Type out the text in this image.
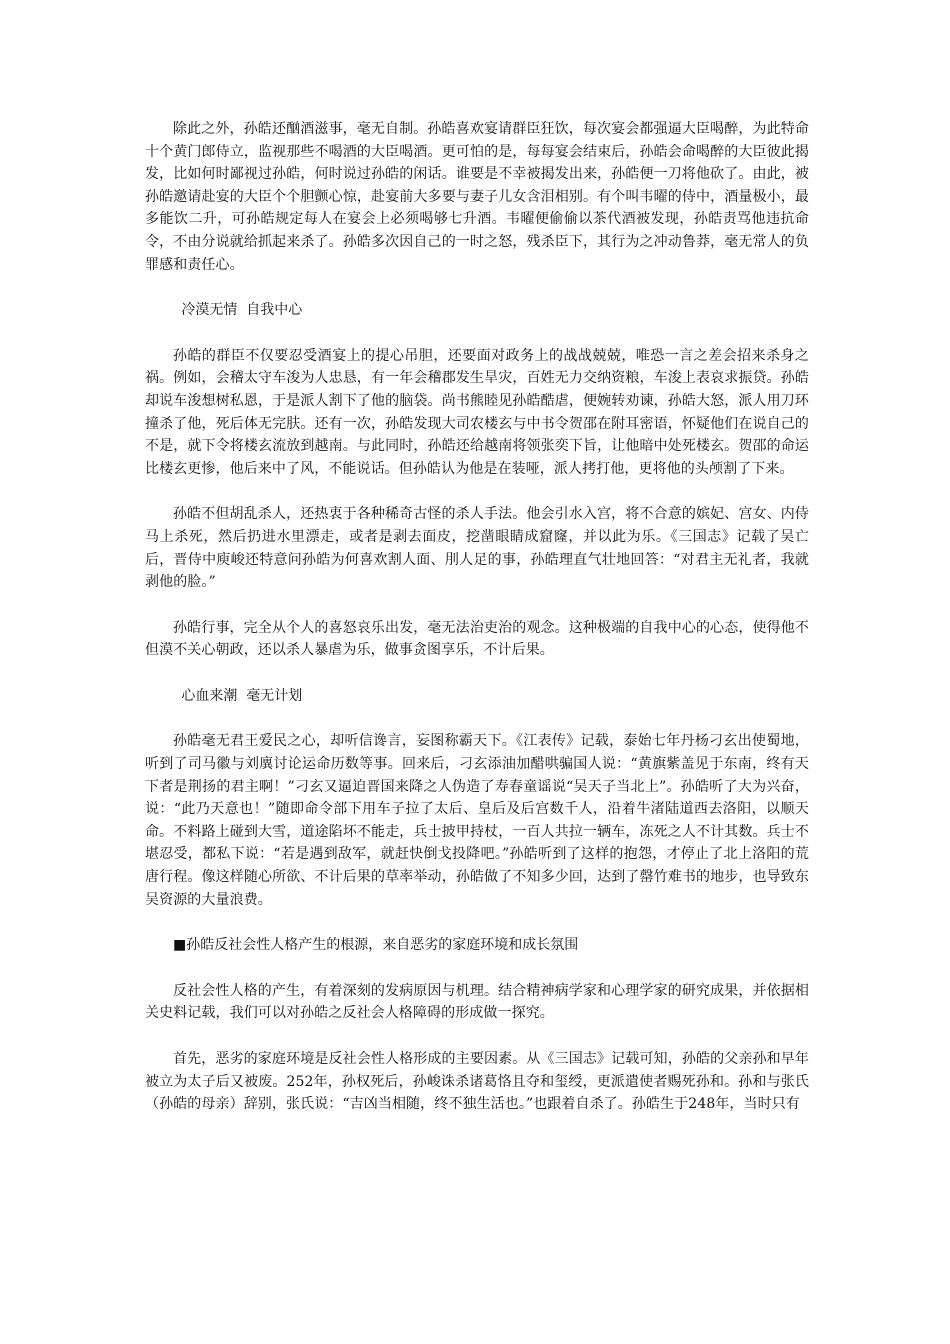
除此之外，孙皓还酗酒滋事，毫无自制。孙皓喜欢宴请群臣狂饮，每次宴会都强逼大臣喝醉，为此特命十个黄门郎侍立，监视那些不喝酒的大臣喝酒。更可怕的是，每每宴会结束后，孙皓会命喝醉的大臣彼此揭发，比如何时鄙视过孙皓，何时说过孙皓的闲话。谁要是不幸被揭发出来，孙皓便一刀将他砍了。由此，被孙皓邀请赴宴的大臣个个胆颤心惊，赴宴前大多要与妻子儿女含泪相别。有个叫韦曜的侍中，酒量极小，最多能饮二升，可孙皓规定每人在宴会上必须喝够七升酒。韦曜便偷偷以茶代酒被发现，孙皓责骂他违抗命令，不由分说就给抓起来杀了。孙皓多次因自己的一时之怒，残杀臣下，其行为之冲动鲁莽，毫无常人的负罪感和责任心。

冷漠无情  自我中心

孙皓的群臣不仅要忍受酒宴上的提心吊胆，还要面对政务上的战战兢兢，唯恐一言之差会招来杀身之祸。例如，会稽太守车浚为人忠恳，有一年会稽郡发生旱灾，百姓无力交纳资粮，车浚上表哀求振贷。孙皓却说车浚想树私恩，于是派人割下了他的脑袋。尚书熊睦见孙皓酷虐，便婉转劝谏，孙皓大怒，派人用刀环撞杀了他，死后体无完肤。还有一次，孙皓发现大司农楼玄与中书令贺邵在附耳密语，怀疑他们在说自己的不是，就下令将楼玄流放到越南。与此同时，孙皓还给越南将领张奕下旨，让他暗中处死楼玄。贺邵的命运比楼玄更惨，他后来中了风，不能说话。但孙皓认为他是在装哑，派人拷打他，更将他的头颅割了下来。

孙皓不但胡乱杀人，还热衷于各种稀奇古怪的杀人手法。他会引水入宫，将不合意的嫔妃、宫女、内侍马上杀死，然后扔进水里漂走，或者是剥去面皮，挖凿眼睛成窟窿，并以此为乐。《三国志》记载了吴亡后，晋侍中庾峻还特意问孙皓为何喜欢割人面、刖人足的事，孙皓理直气壮地回答：“对君主无礼者，我就剥他的脸。”

孙皓行事，完全从个人的喜怒哀乐出发，毫无法治吏治的观念。这种极端的自我中心的心态，使得他不但漠不关心朝政，还以杀人暴虐为乐，做事贪图享乐，不计后果。

心血来潮  毫无计划

孙皓毫无君王爱民之心，却听信谗言，妄图称霸天下。《江表传》记载，泰始七年丹杨刁玄出使蜀地，听到了司马徽与刘廙讨论运命历数等事。回来后，刁玄添油加醋哄骗国人说：“黄旗紫盖见于东南，终有天下者是荆扬的君主啊！”刁玄又逼迫晋国来降之人伪造了寿春童谣说“吴天子当北上”。孙皓听了大为兴奋，说：“此乃天意也！”随即命令部下用车子拉了太后、皇后及后宫数千人，沿着牛渚陆道西去洛阳，以顺天命。不料路上碰到大雪，道途陷坏不能走，兵士披甲持杖，一百人共拉一辆车，冻死之人不计其数。兵士不堪忍受，都私下说：“若是遇到敌军，就赶快倒戈投降吧。”孙皓听到了这样的抱怨，才停止了北上洛阳的荒唐行程。像这样随心所欲、不计后果的草率举动，孙皓做了不知多少回，达到了罄竹难书的地步，也导致东吴资源的大量浪费。

■孙皓反社会性人格产生的根源，来自恶劣的家庭环境和成长氛围

反社会性人格的产生，有着深刻的发病原因与机理。结合精神病学家和心理学家的研究成果，并依据相关史料记载，我们可以对孙皓之反社会人格障碍的形成做一探究。

首先，恶劣的家庭环境是反社会性人格形成的主要因素。从《三国志》记载可知，孙皓的父亲孙和早年被立为太子后又被废。252年，孙权死后，孙峻诛杀诸葛恪且夺和玺绶，更派遣使者赐死孙和。孙和与张氏（孙皓的母亲）辞别，张氏说：“吉凶当相随，终不独生活也。”也跟着自杀了。孙皓生于248年，当时只有
